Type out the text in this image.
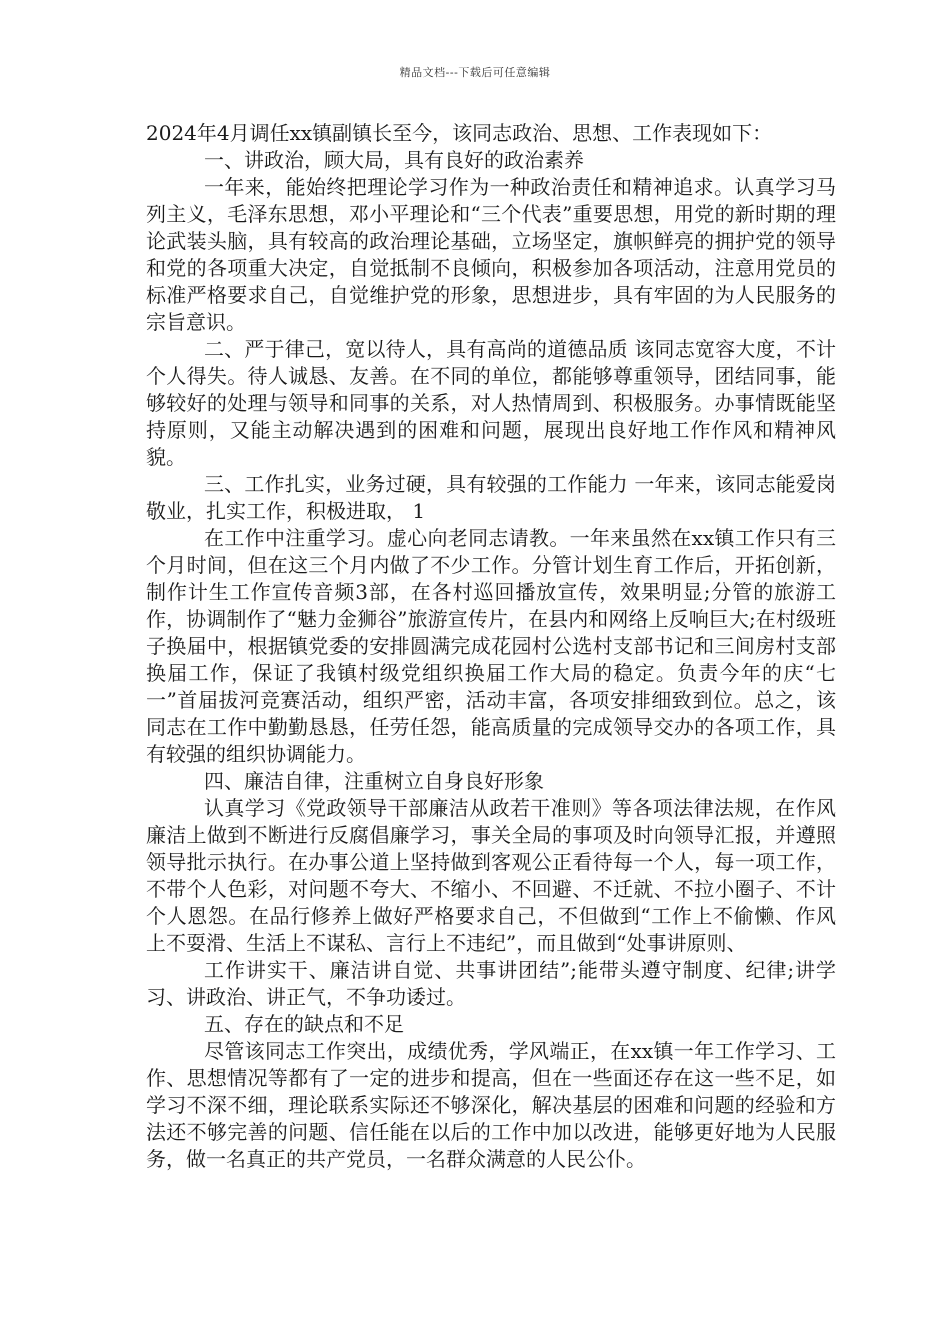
精品文档---下载后可任意编辑

2024年4月调任xx镇副镇长至今，该同志政治、思想、工作表现如下：

一、讲政治，顾大局，具有良好的政治素养

一年来，能始终把理论学习作为一种政治责任和精神追求。认真学习马列主义，毛泽东思想，邓小平理论和“三个代表”重要思想，用党的新时期的理论武装头脑，具有较高的政治理论基础，立场坚定，旗帜鲜亮的拥护党的领导和党的各项重大决定，自觉抵制不良倾向，积极参加各项活动，注意用党员的标准严格要求自己，自觉维护党的形象，思想进步，具有牢固的为人民服务的宗旨意识。

二、严于律己，宽以待人，具有高尚的道德品质 该同志宽容大度，不计个人得失。待人诚恳、友善。在不同的单位，都能够尊重领导，团结同事，能够较好的处理与领导和同事的关系，对人热情周到、积极服务。办事情既能坚持原则，又能主动解决遇到的困难和问题，展现出良好地工作作风和精神风貌。

三、工作扎实，业务过硬，具有较强的工作能力 一年来，该同志能爱岗敬业，扎实工作，积极进取， 1

在工作中注重学习。虚心向老同志请教。一年来虽然在xx镇工作只有三个月时间，但在这三个月内做了不少工作。分管计划生育工作后，开拓创新，制作计生工作宣传音频3部，在各村巡回播放宣传，效果明显;分管的旅游工作，协调制作了“魅力金狮谷”旅游宣传片，在县内和网络上反响巨大;在村级班子换届中，根据镇党委的安排圆满完成花园村公选村支部书记和三间房村支部换届工作，保证了我镇村级党组织换届工作大局的稳定。负责今年的庆“七一”首届拔河竞赛活动，组织严密，活动丰富，各项安排细致到位。总之，该同志在工作中勤勤恳恳，任劳任怨，能高质量的完成领导交办的各项工作，具有较强的组织协调能力。

四、廉洁自律，注重树立自身良好形象

认真学习《党政领导干部廉洁从政若干准则》等各项法律法规，在作风廉洁上做到不断进行反腐倡廉学习，事关全局的事项及时向领导汇报，并遵照领导批示执行。在办事公道上坚持做到客观公正看待每一个人，每一项工作，不带个人色彩，对问题不夸大、不缩小、不回避、不迁就、不拉小圈子、不计个人恩怨。在品行修养上做好严格要求自己，不但做到“工作上不偷懒、作风上不耍滑、生活上不谋私、言行上不违纪”，而且做到“处事讲原则、

工作讲实干、廉洁讲自觉、共事讲团结”;能带头遵守制度、纪律;讲学习、讲政治、讲正气，不争功诿过。

五、存在的缺点和不足

尽管该同志工作突出，成绩优秀，学风端正，在xx镇一年工作学习、工作、思想情况等都有了一定的进步和提高，但在一些面还存在这一些不足，如学习不深不细，理论联系实际还不够深化，解决基层的困难和问题的经验和方法还不够完善的问题、信任能在以后的工作中加以改进，能够更好地为人民服务，做一名真正的共产党员，一名群众满意的人民公仆。
